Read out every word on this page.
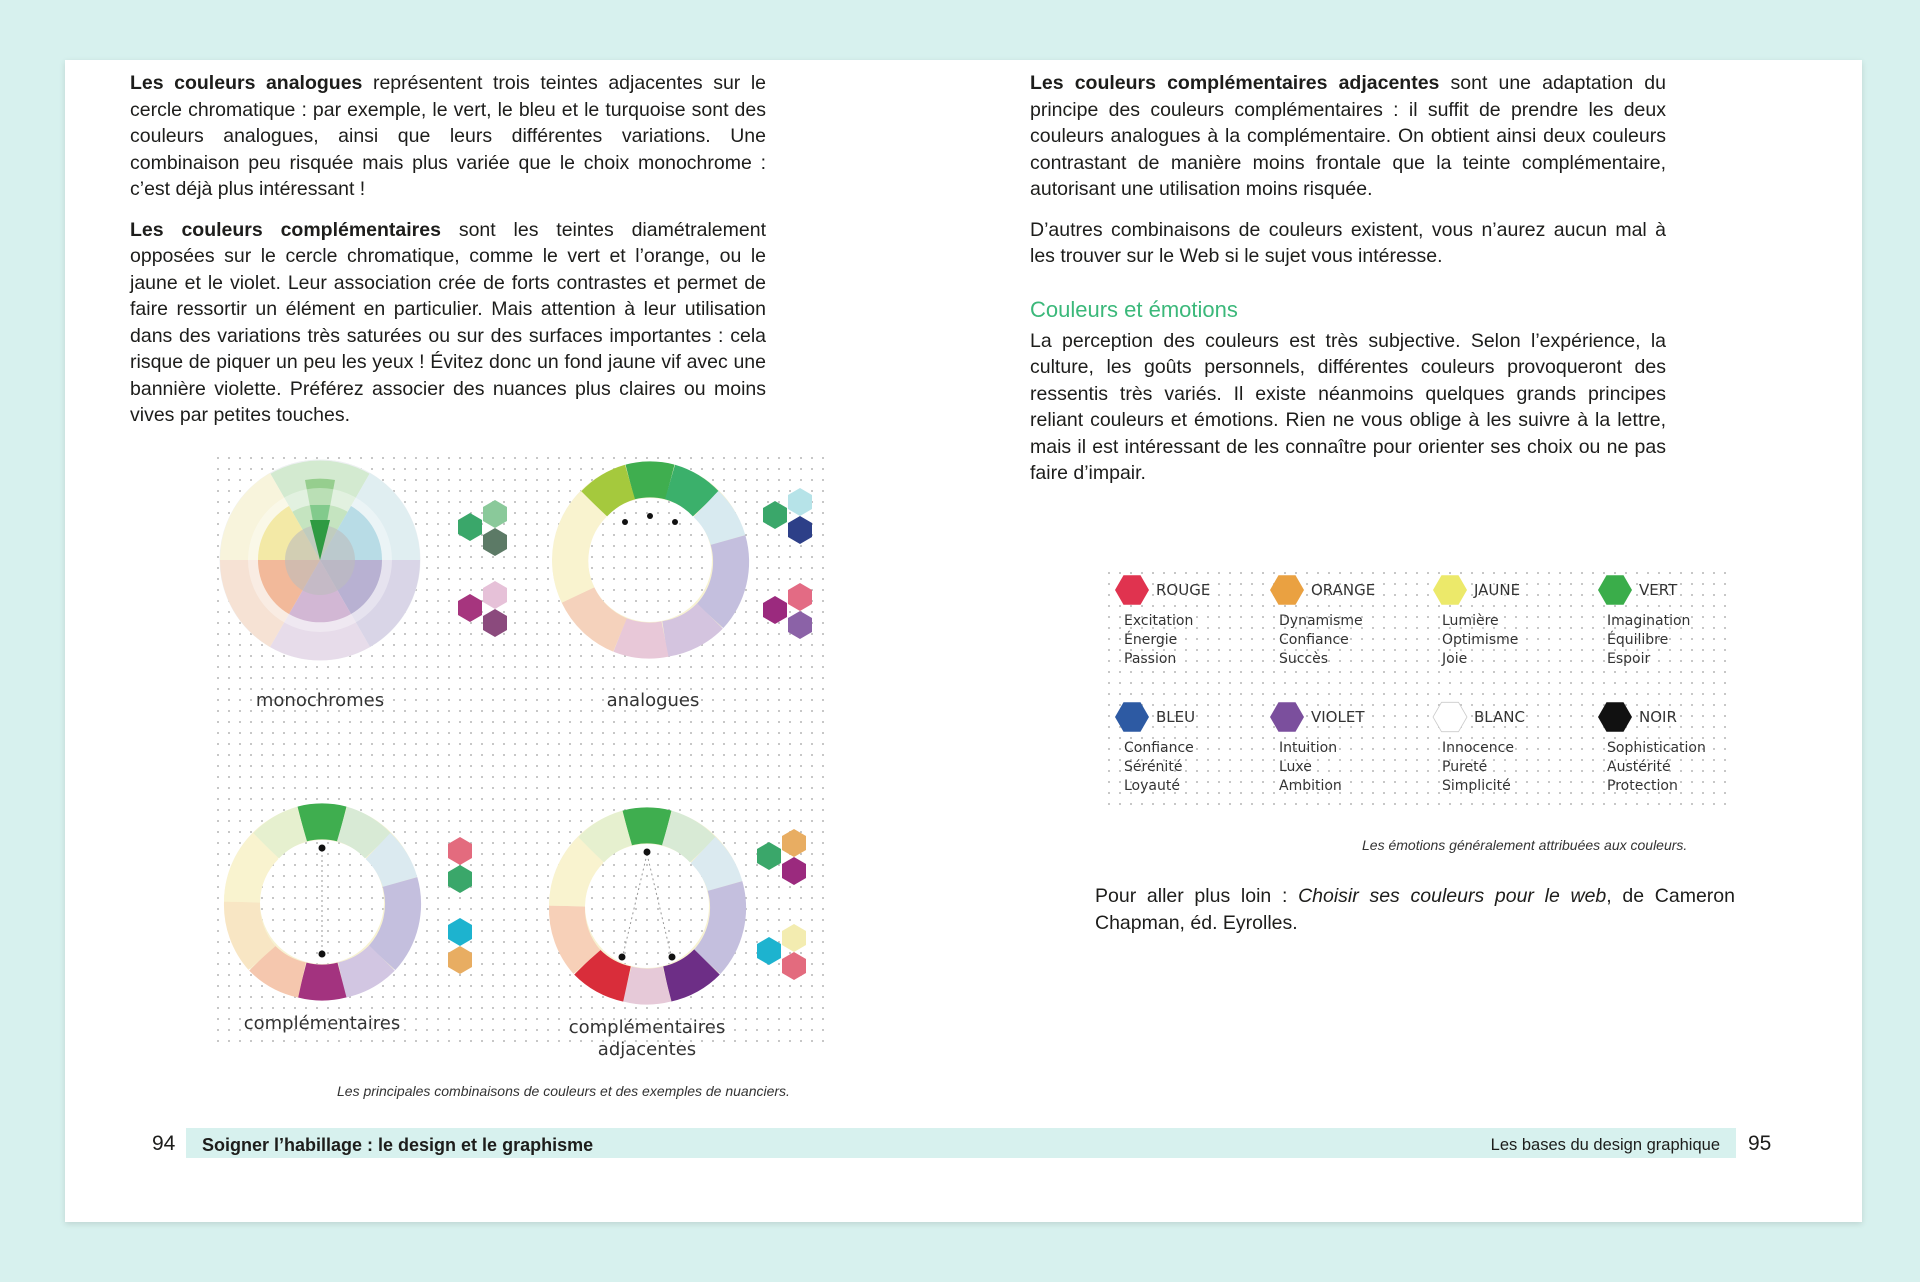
Les couleurs analogues représentent trois teintes adjacentes sur le cercle chromatique : par exemple, le vert, le bleu et le turquoise sont des couleurs analogues, ainsi que leurs différentes variations. Une combinaison peu risquée mais plus variée que le choix monochrome : c’est déjà plus intéressant !

Les couleurs complémentaires sont les teintes diamétralement opposées sur le cercle chromatique, comme le vert et l’orange, ou le jaune et le violet. Leur association crée de forts contrastes et permet de faire ressortir un élément en particulier. Mais attention à leur utilisation dans des variations très saturées ou sur des surfaces importantes : cela risque de piquer un peu les yeux ! Évitez donc un fond jaune vif avec une bannière violette. Préférez associer des nuances plus claires ou moins vives par petites touches.

monochromes	analogues
complémentaires	complémentaires
adjacentes
Les principales combinaisons de couleurs et des exemples de nuanciers.

Les couleurs complémentaires adjacentes sont une adaptation du principe des couleurs complémentaires : il suffit de prendre les deux couleurs analogues à la complémentaire. On obtient ainsi deux couleurs contrastant de manière moins frontale que la teinte complémentaire, autorisant une utilisation moins risquée.

D’autres combinaisons de couleurs existent, vous n’aurez aucun mal à les trouver sur le Web si le sujet vous intéresse.

Couleurs et émotions

La perception des couleurs est très subjective. Selon l’expérience, la culture, les goûts personnels, différentes couleurs provoqueront des ressentis très variés. Il existe néanmoins quelques grands principes reliant couleurs et émotions. Rien ne vous oblige à les suivre à la lettre, mais il est intéressant de les connaître pour orienter ses choix ou ne pas faire d’impair.

ROUGE
Excitation
Énergie
Passion
ORANGE
Dynamisme
Confiance
Succès
JAUNE
Lumière
Optimisme
Joie
VERT
Imagination
Équilibre
Espoir
BLEU
Confiance
Sérénité
Loyauté
VIOLET
Intuition
Luxe
Ambition
BLANC
Innocence
Pureté
Simplicité
NOIR
Sophistication
Austérité
Protection
Les émotions généralement attribuées aux couleurs.
Pour aller plus loin : Choisir ses couleurs pour le web, de Cameron Chapman, éd. Eyrolles.
94 Soigner l’habillage : le design et le graphisme	Les bases du design graphique 95
